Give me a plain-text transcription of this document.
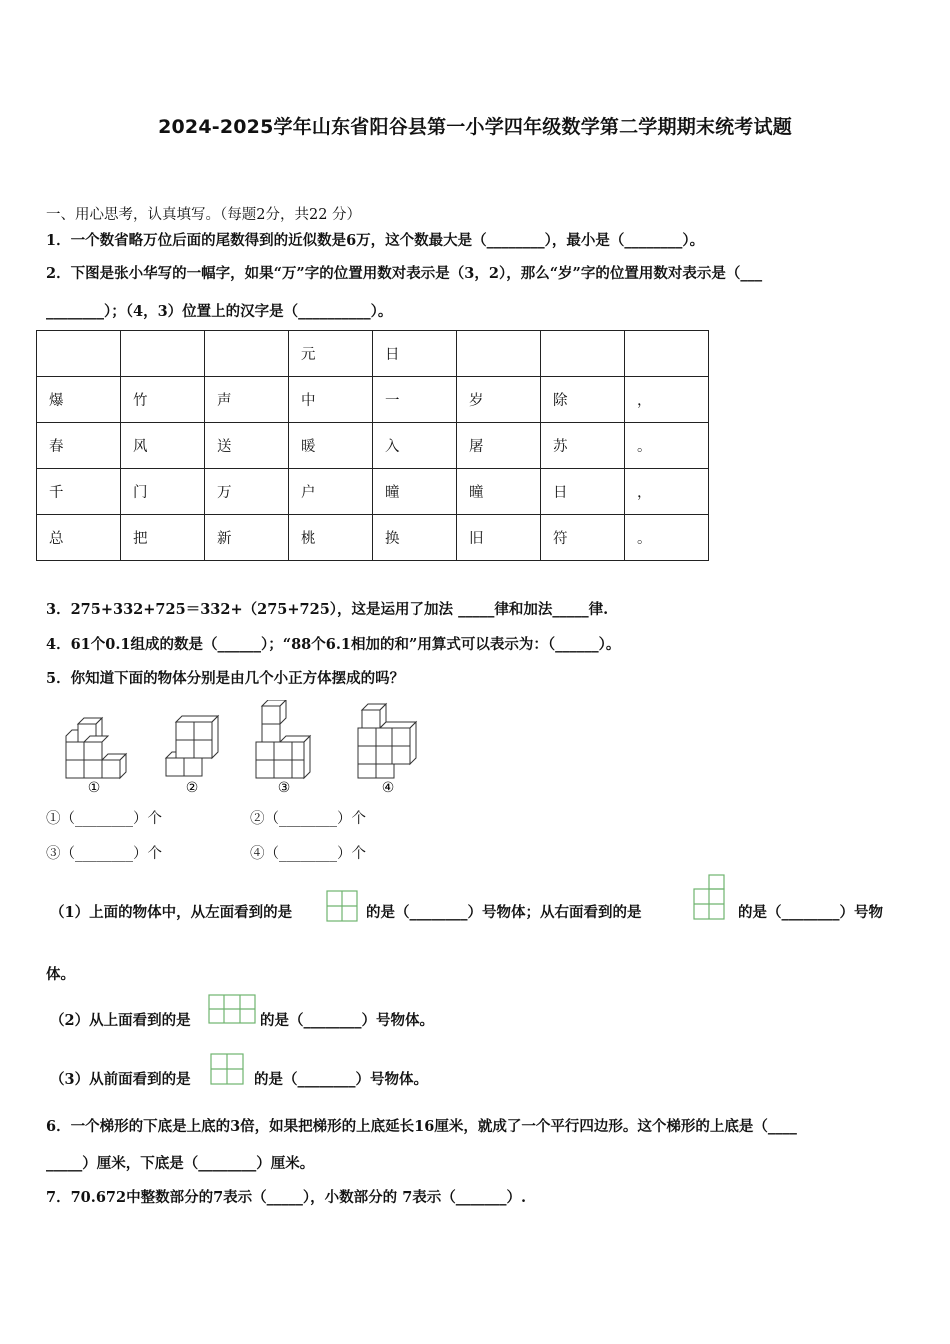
2024-2025学年山东省阳谷县第一小学四年级数学第二学期期末统考试题
一、用心思考，认真填写。（每题2分，共22 分）
1．一个数省略万位后面的尾数得到的近似数是6万，这个数最大是（________），最小是（________）。
2．下图是张小华写的一幅字，如果“万”字的位置用数对表示是（3，2），那么“岁”字的位置用数对表示是（___
________）；（4，3）位置上的汉字是（__________）。
			元	日			
爆	竹	声	中	一	岁	除	，
春	风	送	暖	入	屠	苏	。
千	门	万	户	曈	曈	日	，
总	把	新	桃	换	旧	符	。
3．275+332+725＝332+（275+725），这是运用了加法 _____律和加法_____律.
4．61个0.1组成的数是（______）；“88个6.1相加的和”用算式可以表示为：（______）。
5．你知道下面的物体分别是由几个小正方体摆成的吗？
①	②	③	④
①（________）个	②（________）个
③（________）个	④（________）个
（1）上面的物体中，从左面看到的是	的是（________）号物体；从右面看到的是	的是（________）号物
体。
（2）从上面看到的是	的是（________）号物体。
（3）从前面看到的是	的是（________）号物体。
6．一个梯形的下底是上底的3倍，如果把梯形的上底延长16厘米，就成了一个平行四边形。这个梯形的上底是（____
_____）厘米，下底是（________）厘米。
7．70.672中整数部分的7表示（_____），小数部分的 7表示（_______）.
